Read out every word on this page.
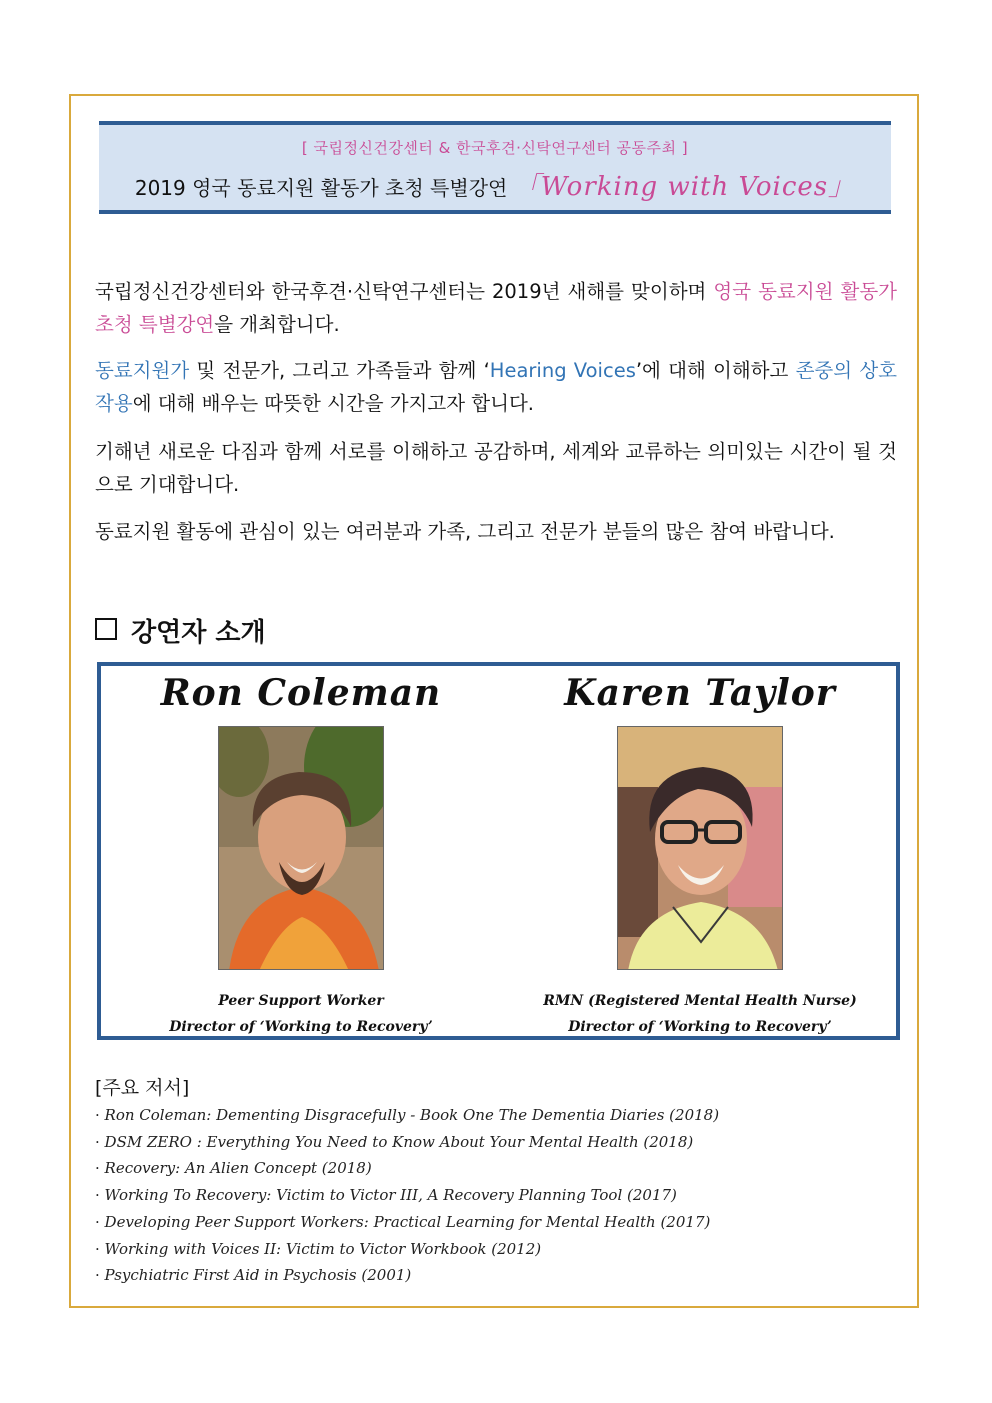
[ 국립정신건강센터 & 한국후견·신탁연구센터 공동주최 ]
2019 영국 동료지원 활동가 초청 특별강연 「Working with Voices」
국립정신건강센터와 한국후견·신탁연구센터는 2019년 새해를 맞이하며 영국 동료지원 활동가 초청 특별강연을 개최합니다.
동료지원가 및 전문가, 그리고 가족들과 함께 ‘Hearing Voices’에 대해 이해하고 존중의 상호작용에 대해 배우는 따뜻한 시간을 가지고자 합니다.
기해년 새로운 다짐과 함께 서로를 이해하고 공감하며, 세계와 교류하는 의미있는 시간이 될 것으로 기대합니다.
동료지원 활동에 관심이 있는 여러분과 가족, 그리고 전문가 분들의 많은 참여 바랍니다.
강연자 소개
Ron Coleman
Peer Support Worker
Director of ‘Working to Recovery’
Karen Taylor
RMN (Registered Mental Health Nurse)
Director of ‘Working to Recovery’
[주요 저서]
· Ron Coleman: Dementing Disgracefully - Book One The Dementia Diaries (2018)
· DSM ZERO : Everything You Need to Know About Your Mental Health (2018)
· Recovery: An Alien Concept (2018)
· Working To Recovery: Victim to Victor III, A Recovery Planning Tool (2017)
· Developing Peer Support Workers: Practical Learning for Mental Health (2017)
· Working with Voices II: Victim to Victor Workbook (2012)
· Psychiatric First Aid in Psychosis (2001)
